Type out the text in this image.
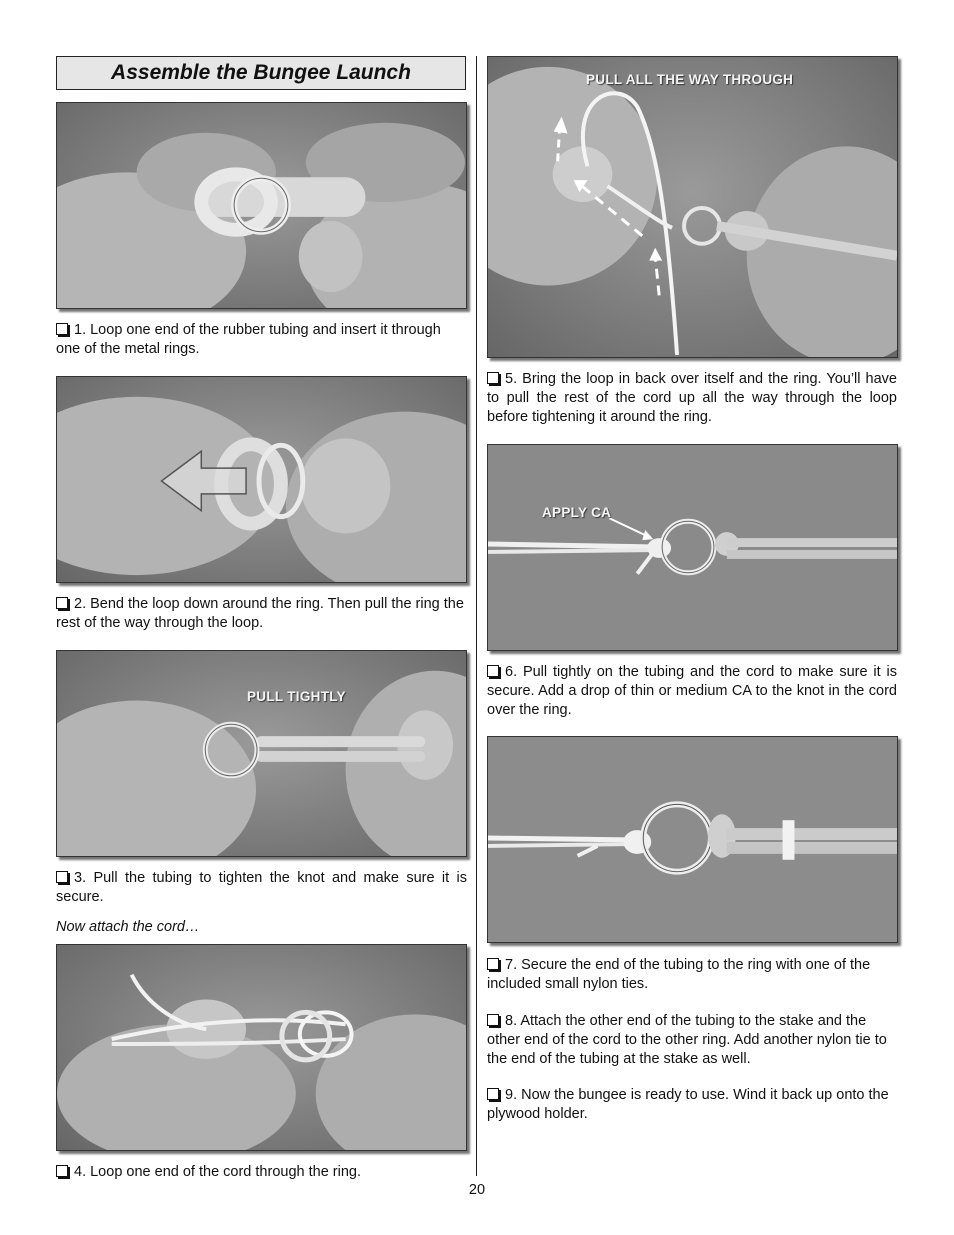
Assemble the Bungee Launch

1. Loop one end of the rubber tubing and insert it through one of the metal rings.

2. Bend the loop down around the ring. Then pull the ring the rest of the way through the loop.

PULL TIGHTLY

3. Pull the tubing to tighten the knot and make sure it is secure.

Now attach the cord…

4. Loop one end of the cord through the ring.

PULL ALL THE WAY THROUGH

5. Bring the loop in back over itself and the ring. You’ll have to pull the rest of the cord up all the way through the loop before tightening it around the ring.

APPLY CA

6. Pull tightly on the tubing and the cord to make sure it is secure. Add a drop of thin or medium CA to the knot in the cord over the ring.

7. Secure the end of the tubing to the ring with one of the included small nylon ties.

8. Attach the other end of the tubing to the stake and the other end of the cord to the other ring. Add another nylon tie to the end of the tubing at the stake as well.

9. Now the bungee is ready to use. Wind it back up onto the plywood holder.

20
